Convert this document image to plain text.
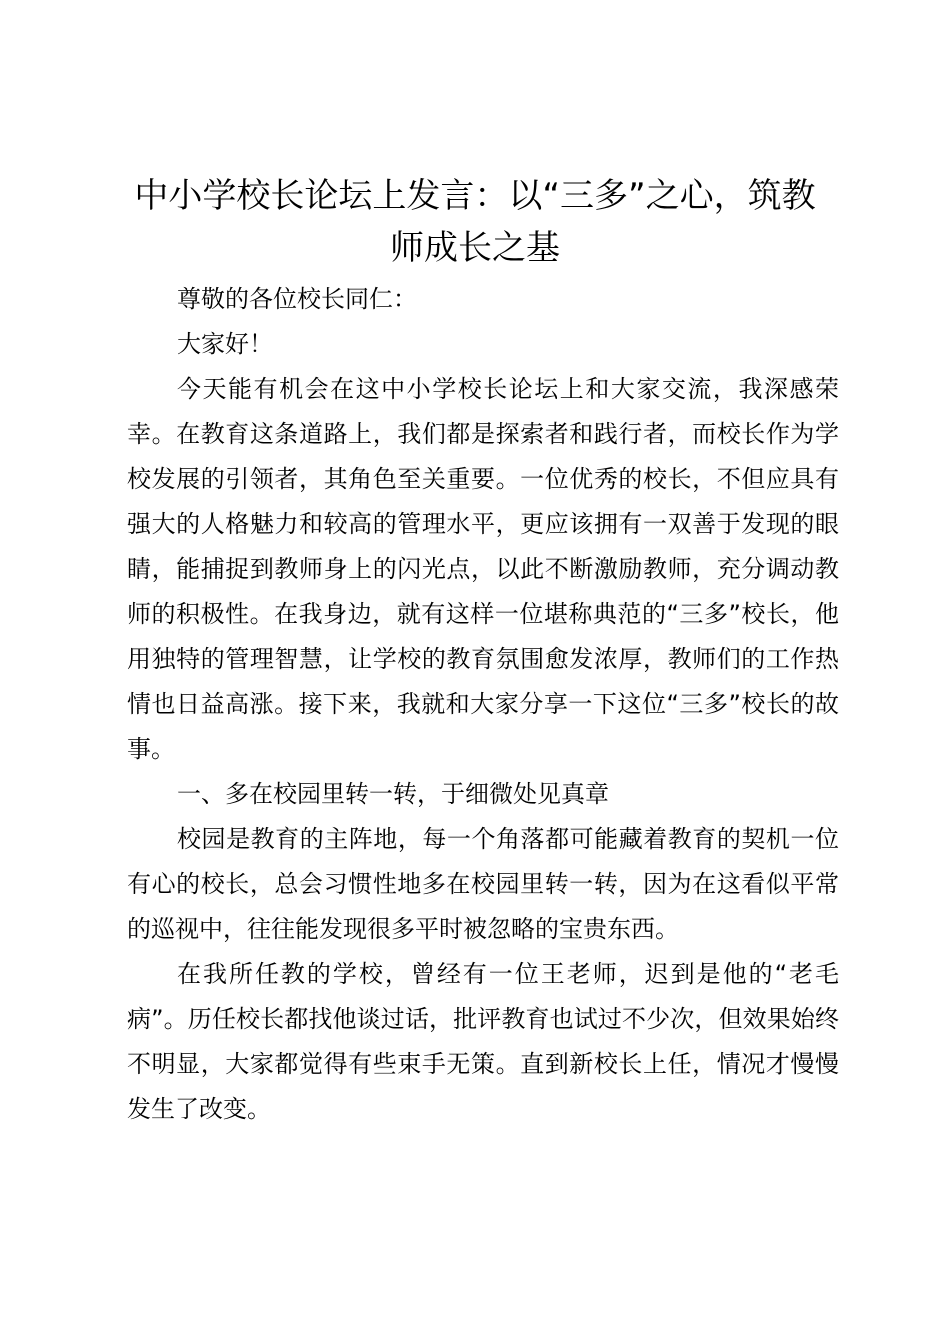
中小学校长论坛上发言：以“三多”之心，筑教师成长之基

尊敬的各位校长同仁：

大家好！

今天能有机会在这中小学校长论坛上和大家交流，我深感荣幸。在教育这条道路上，我们都是探索者和践行者，而校长作为学校发展的引领者，其角色至关重要。一位优秀的校长，不但应具有强大的人格魅力和较高的管理水平，更应该拥有一双善于发现的眼睛，能捕捉到教师身上的闪光点，以此不断激励教师，充分调动教师的积极性。在我身边，就有这样一位堪称典范的“三多”校长，他用独特的管理智慧，让学校的教育氛围愈发浓厚，教师们的工作热情也日益高涨。接下来，我就和大家分享一下这位“三多”校长的故事。

一、多在校园里转一转，于细微处见真章

校园是教育的主阵地，每一个角落都可能藏着教育的契机一位有心的校长，总会习惯性地多在校园里转一转，因为在这看似平常的巡视中，往往能发现很多平时被忽略的宝贵东西。

在我所任教的学校，曾经有一位王老师，迟到是他的“老毛病”。历任校长都找他谈过话，批评教育也试过不少次，但效果始终不明显，大家都觉得有些束手无策。直到新校长上任，情况才慢慢发生了改变。
